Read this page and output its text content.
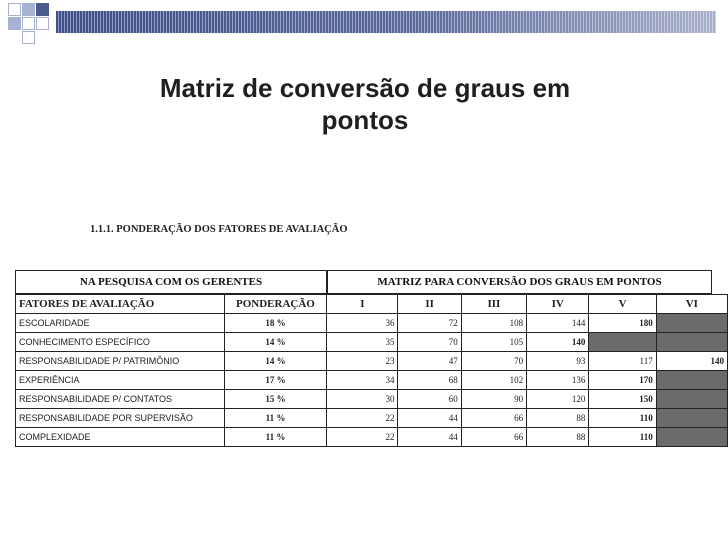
Matriz de conversão de graus em
pontos
1.1.1. PONDERAÇÃO DOS FATORES DE AVALIAÇÃO
NA PESQUISA COM OS GERENTES	MATRIZ PARA CONVERSÃO DOS GRAUS EM PONTOS
FATORES DE AVALIAÇÃO	PONDERAÇÃO	I	II	III	IV	V	VI
ESCOLARIDADE	18 %	36	72	108	144	180	
CONHECIMENTO ESPECÍFICO	14 %	35	70	105	140		
RESPONSABILIDADE P/ PATRIMÔNIO	14 %	23	47	70	93	117	140
EXPERIÊNCIA	17 %	34	68	102	136	170	
RESPONSABILIDADE P/ CONTATOS	15 %	30	60	90	120	150	
RESPONSABILIDADE POR SUPERVISÃO	11 %	22	44	66	88	110	
COMPLEXIDADE	11 %	22	44	66	88	110	
